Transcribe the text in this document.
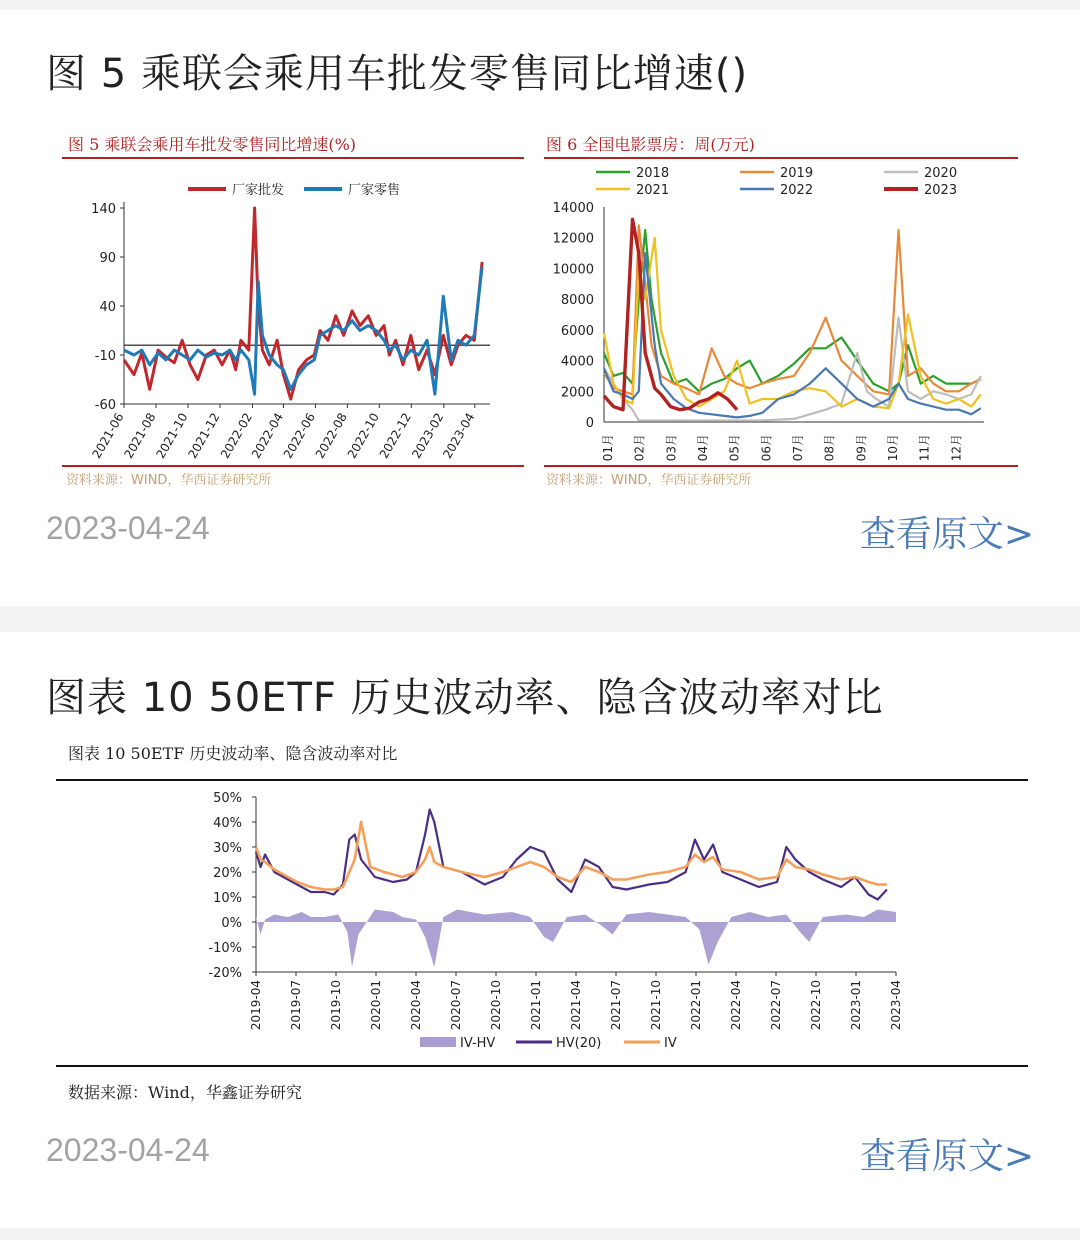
图 5 乘联会乘用车批发零售同比增速()
图 5 乘联会乘用车批发零售同比增速(%)
厂家批发	厂家零售
140
90
40
-10
-60
2021-06
2021-08
2021-10
2021-12
2022-02
2022-04
2022-06
2022-08
2022-10
2022-12
2023-02
2023-04
资料来源：WIND，华西证券研究所
图 6 全国电影票房：周(万元)
2018	2019	2020
2021	2022	2023
14000
12000
10000
8000
6000
4000
2000
0
01月 02月 03月 04月 05月 06月 07月 08月 09月 10月 11月 12月
资料来源：WIND，华西证券研究所
2023-04-24	查看原文>
图表 10 50ETF 历史波动率、隐含波动率对比
图表 10 50ETF 历史波动率、隐含波动率对比
50%
40%
30%
20%
10%
0%
-10%
-20%
2019-04 2019-07 2019-10 2020-01 2020-04 2020-07 2020-10 2021-01 2021-04 2021-07 2021-10 2022-01 2022-04 2022-07 2022-10 2023-01 2023-04
IV-HV	HV(20)	IV
数据来源：Wind，华鑫证券研究
2023-04-24	查看原文>
